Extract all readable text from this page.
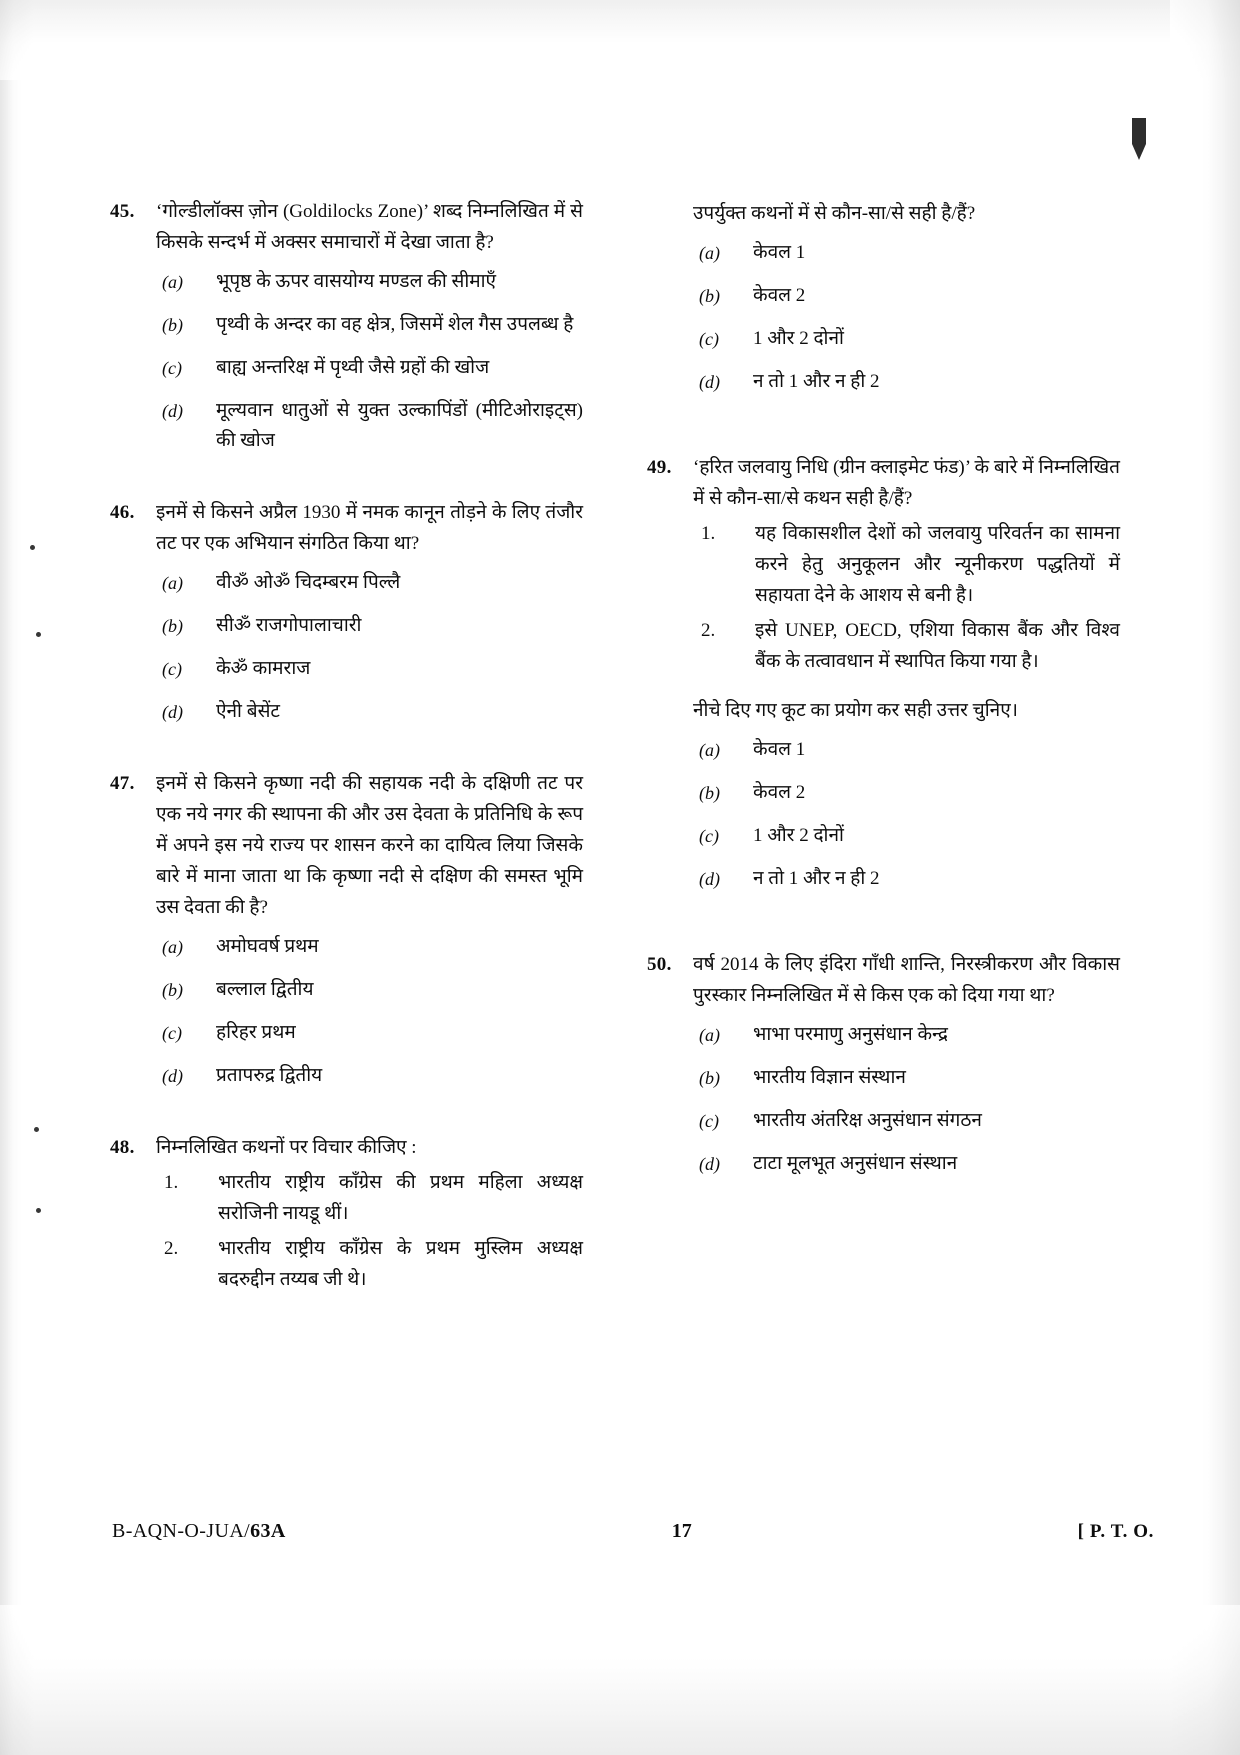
45.	‘गोल्डीलॉक्स ज़ोन (Goldilocks Zone)’ शब्द निम्नलिखित में से किसके सन्दर्भ में अक्सर समाचारों में देखा जाता है?
(a)	भूपृष्ठ के ऊपर वासयोग्य मण्डल की सीमाएँ
(b)	पृथ्वी के अन्दर का वह क्षेत्र, जिसमें शेल गैस उपलब्ध है
(c)	बाह्य अन्तरिक्ष में पृथ्वी जैसे ग्रहों की खोज
(d)	मूल्यवान धातुओं से युक्त उल्कापिंडों (मीटिओराइट्स) की खोज
46.	इनमें से किसने अप्रैल 1930 में नमक कानून तोड़ने के लिए तंजौर तट पर एक अभियान संगठित किया था?
(a)	वीॐ ओॐ चिदम्बरम पिल्लै
(b)	सीॐ राजगोपालाचारी
(c)	केॐ कामराज
(d)	ऐनी बेसेंट
47.	इनमें से किसने कृष्णा नदी की सहायक नदी के दक्षिणी तट पर एक नये नगर की स्थापना की और उस देवता के प्रतिनिधि के रूप में अपने इस नये राज्य पर शासन करने का दायित्व लिया जिसके बारे में माना जाता था कि कृष्णा नदी से दक्षिण की समस्त भूमि उस देवता की है?
(a)	अमोघवर्ष प्रथम
(b)	बल्लाल द्वितीय
(c)	हरिहर प्रथम
(d)	प्रतापरुद्र द्वितीय
48.	निम्नलिखित कथनों पर विचार कीजिए :
1.	भारतीय राष्ट्रीय काँग्रेस की प्रथम महिला अध्यक्ष सरोजिनी नायडू थीं।
2.	भारतीय राष्ट्रीय काँग्रेस के प्रथम मुस्लिम अध्यक्ष बदरुद्दीन तय्यब जी थे।
उपर्युक्त कथनों में से कौन-सा/से सही है/हैं?
(a)	केवल 1
(b)	केवल 2
(c)	1 और 2 दोनों
(d)	न तो 1 और न ही 2
49.	‘हरित जलवायु निधि (ग्रीन क्लाइमेट फंड)’ के बारे में निम्नलिखित में से कौन-सा/से कथन सही है/हैं?
1.	यह विकासशील देशों को जलवायु परिवर्तन का सामना करने हेतु अनुकूलन और न्यूनीकरण पद्धतियों में सहायता देने के आशय से बनी है।
2.	इसे UNEP, OECD, एशिया विकास बैंक और विश्व बैंक के तत्वावधान में स्थापित किया गया है।
नीचे दिए गए कूट का प्रयोग कर सही उत्तर चुनिए।
(a)	केवल 1
(b)	केवल 2
(c)	1 और 2 दोनों
(d)	न तो 1 और न ही 2
50.	वर्ष 2014 के लिए इंदिरा गाँधी शान्ति, निरस्त्रीकरण और विकास पुरस्कार निम्नलिखित में से किस एक को दिया गया था?
(a)	भाभा परमाणु अनुसंधान केन्द्र
(b)	भारतीय विज्ञान संस्थान
(c)	भारतीय अंतरिक्ष अनुसंधान संगठन
(d)	टाटा मूलभूत अनुसंधान संस्थान
B-AQN-O-JUA/63A	17	[ P. T. O.
